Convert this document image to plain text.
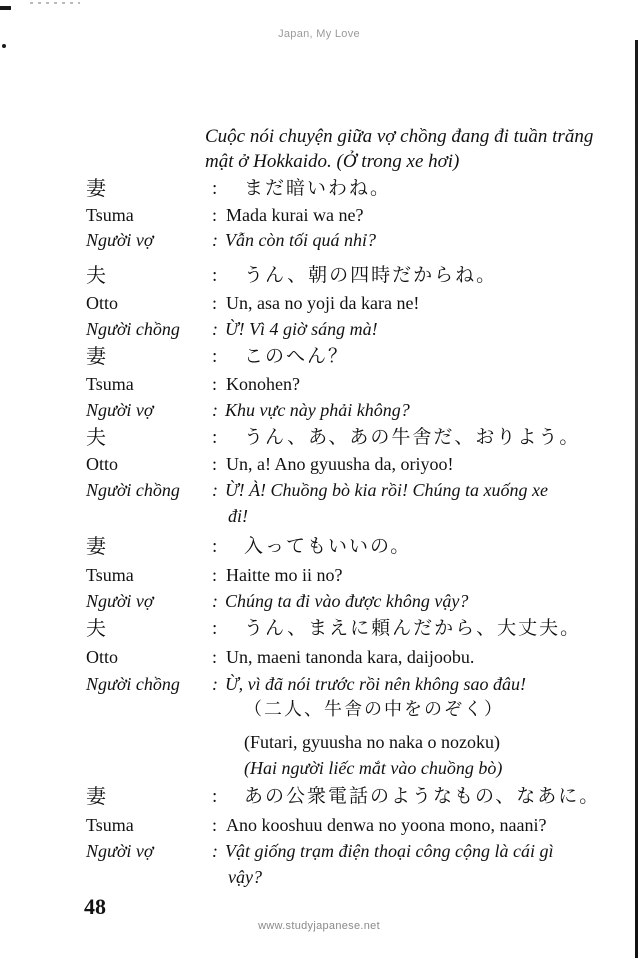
Japan, My Love
Cuộc nói chuyện giữa vợ chồng đang đi tuần trăng mật ở Hokkaido. (Ở trong xe hơi)
妻	: まだ暗いわね。
Tsuma	: Mada kurai wa ne?
Người vợ	: Vẫn còn tối quá nhỉ?
夫	: うん、朝の四時だからね。
Otto	: Un, asa no yoji da kara ne!
Người chồng : Ừ! Vì 4 giờ sáng mà!
妻	: このへん？
Tsuma	: Konohen?
Người vợ	: Khu vực này phải không?
夫	: うん、あ、あの牛舎だ、おりよう。
Otto	: Un, a! Ano gyuusha da, oriyoo!
Người chồng : Ừ! À! Chuồng bò kia rồi! Chúng ta xuống xe
đi!
妻	: 入ってもいいの。
Tsuma	: Haitte mo ii no?
Người vợ	: Chúng ta đi vào được không vậy?
夫	: うん、まえに頼んだから、大丈夫。
Otto	: Un, maeni tanonda kara, daijoobu.
Người chồng : Ừ, vì đã nói trước rồi nên không sao đâu!
（二人、牛舎の中をのぞく）
(Futari, gyuusha no naka o nozoku)
(Hai người liếc mắt vào chuồng bò)
妻	: あの公衆電話のようなもの、なあに。
Tsuma	: Ano kooshuu denwa no yoona mono, naani?
Người vợ	: Vật giống trạm điện thoại công cộng là cái gì
vậy?
48
www.studyjapanese.net
